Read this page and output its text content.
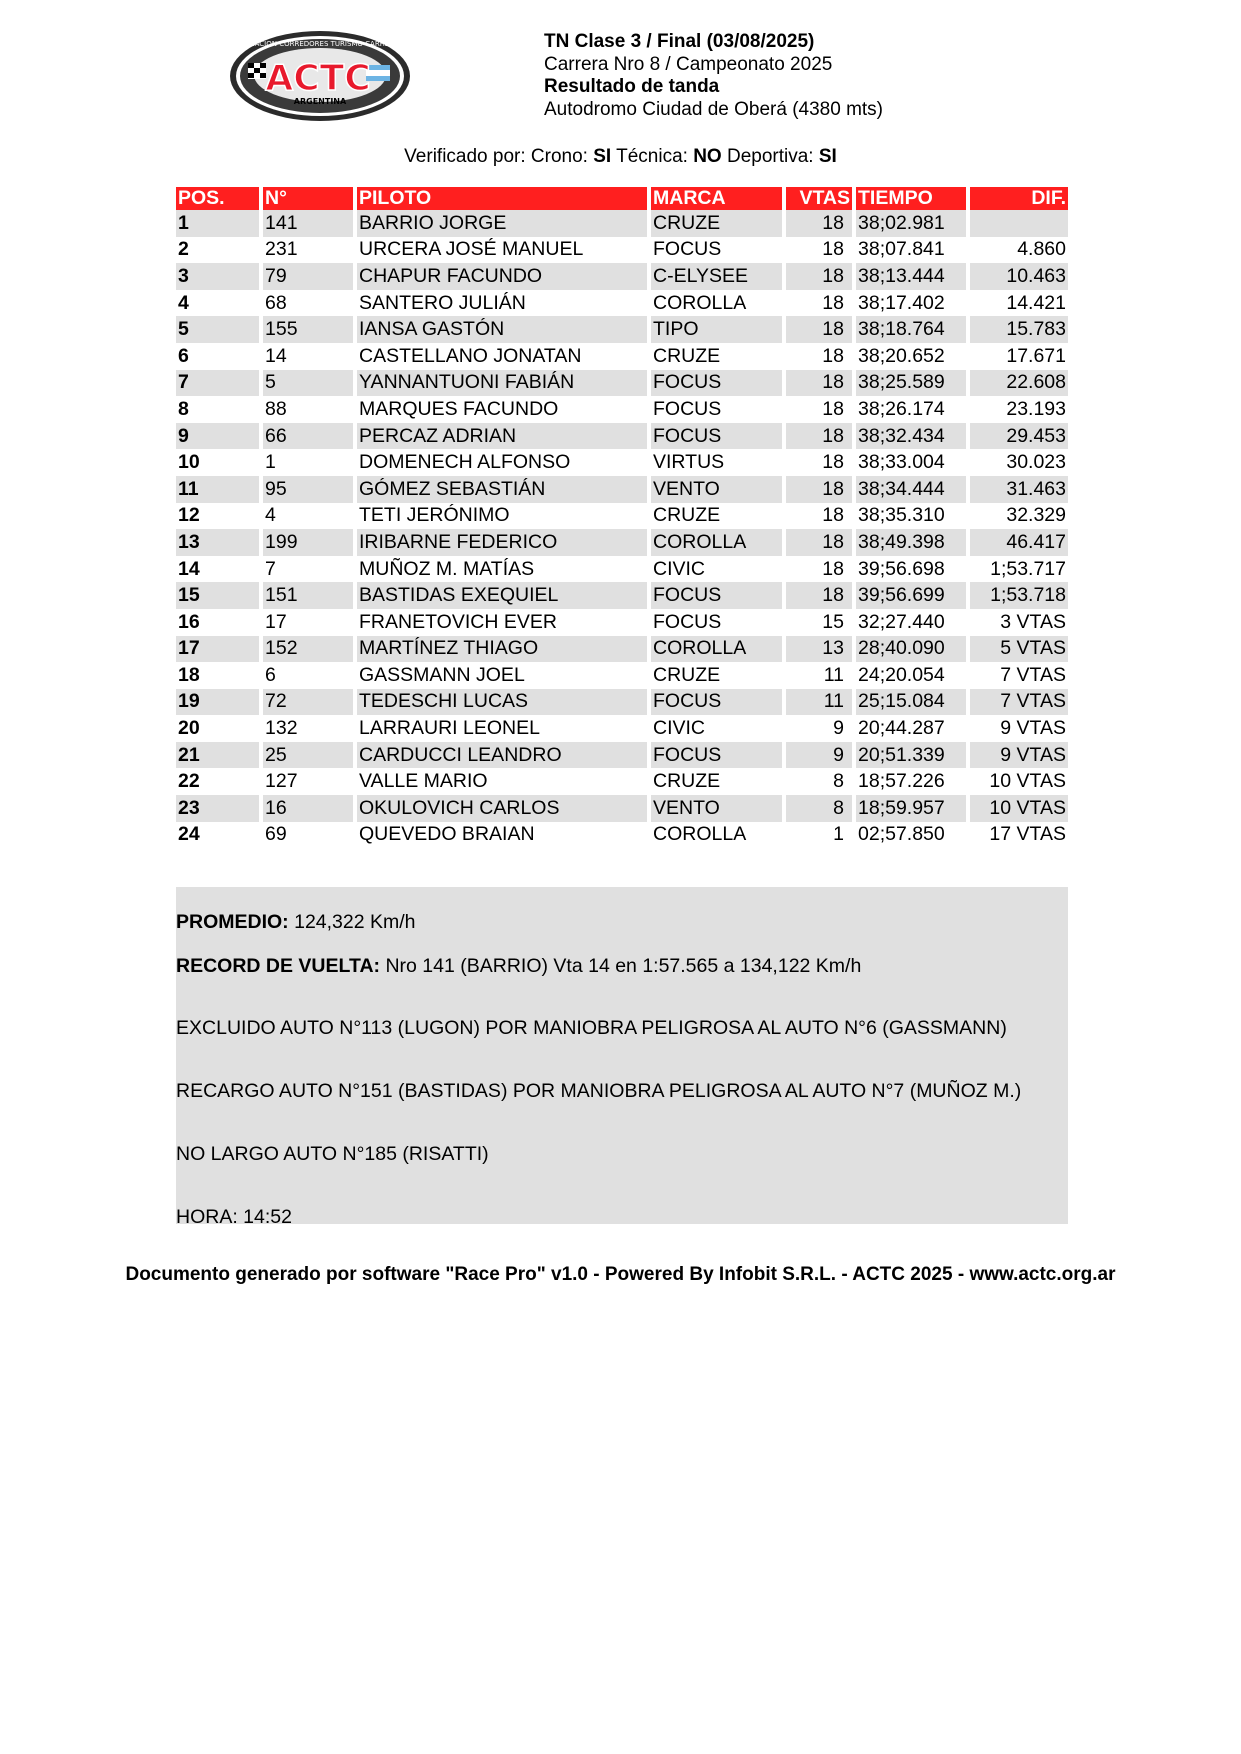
ASOCIACION CORREDORES TURISMO CARRETERA
ACTC
ARGENTINA
TN Clase 3 / Final (03/08/2025)
Carrera Nro 8 / Campeonato 2025
Resultado de tanda
Autodromo Ciudad de Oberá (4380 mts)
Verificado por: Crono: SI Técnica: NO Deportiva: SI
POS.	N°	PILOTO	MARCA	VTAS	TIEMPO	DIF.
1	141	BARRIO JORGE	CRUZE	18	38;02.981	
2	231	URCERA JOSÉ MANUEL	FOCUS	18	38;07.841	4.860
3	79	CHAPUR FACUNDO	C-ELYSEE	18	38;13.444	10.463
4	68	SANTERO JULIÁN	COROLLA	18	38;17.402	14.421
5	155	IANSA GASTÓN	TIPO	18	38;18.764	15.783
6	14	CASTELLANO JONATAN	CRUZE	18	38;20.652	17.671
7	5	YANNANTUONI FABIÁN	FOCUS	18	38;25.589	22.608
8	88	MARQUES FACUNDO	FOCUS	18	38;26.174	23.193
9	66	PERCAZ ADRIAN	FOCUS	18	38;32.434	29.453
10	1	DOMENECH ALFONSO	VIRTUS	18	38;33.004	30.023
11	95	GÓMEZ SEBASTIÁN	VENTO	18	38;34.444	31.463
12	4	TETI JERÓNIMO	CRUZE	18	38;35.310	32.329
13	199	IRIBARNE FEDERICO	COROLLA	18	38;49.398	46.417
14	7	MUÑOZ M. MATÍAS	CIVIC	18	39;56.698	1;53.717
15	151	BASTIDAS EXEQUIEL	FOCUS	18	39;56.699	1;53.718
16	17	FRANETOVICH EVER	FOCUS	15	32;27.440	3 VTAS
17	152	MARTÍNEZ THIAGO	COROLLA	13	28;40.090	5 VTAS
18	6	GASSMANN JOEL	CRUZE	11	24;20.054	7 VTAS
19	72	TEDESCHI LUCAS	FOCUS	11	25;15.084	7 VTAS
20	132	LARRAURI LEONEL	CIVIC	9	20;44.287	9 VTAS
21	25	CARDUCCI LEANDRO	FOCUS	9	20;51.339	9 VTAS
22	127	VALLE MARIO	CRUZE	8	18;57.226	10 VTAS
23	16	OKULOVICH CARLOS	VENTO	8	18;59.957	10 VTAS
24	69	QUEVEDO BRAIAN	COROLLA	1	02;57.850	17 VTAS

PROMEDIO: 124,322 Km/h

RECORD DE VUELTA: Nro 141 (BARRIO) Vta 14 en 1:57.565 a 134,122 Km/h

EXCLUIDO AUTO N°113 (LUGON) POR MANIOBRA PELIGROSA AL AUTO N°6 (GASSMANN)

RECARGO AUTO N°151 (BASTIDAS) POR MANIOBRA PELIGROSA AL AUTO N°7 (MUÑOZ M.)

NO LARGO AUTO N°185 (RISATTI)

HORA: 14:52

Documento generado por software "Race Pro" v1.0 - Powered By Infobit S.R.L. - ACTC 2025 - www.actc.org.ar
